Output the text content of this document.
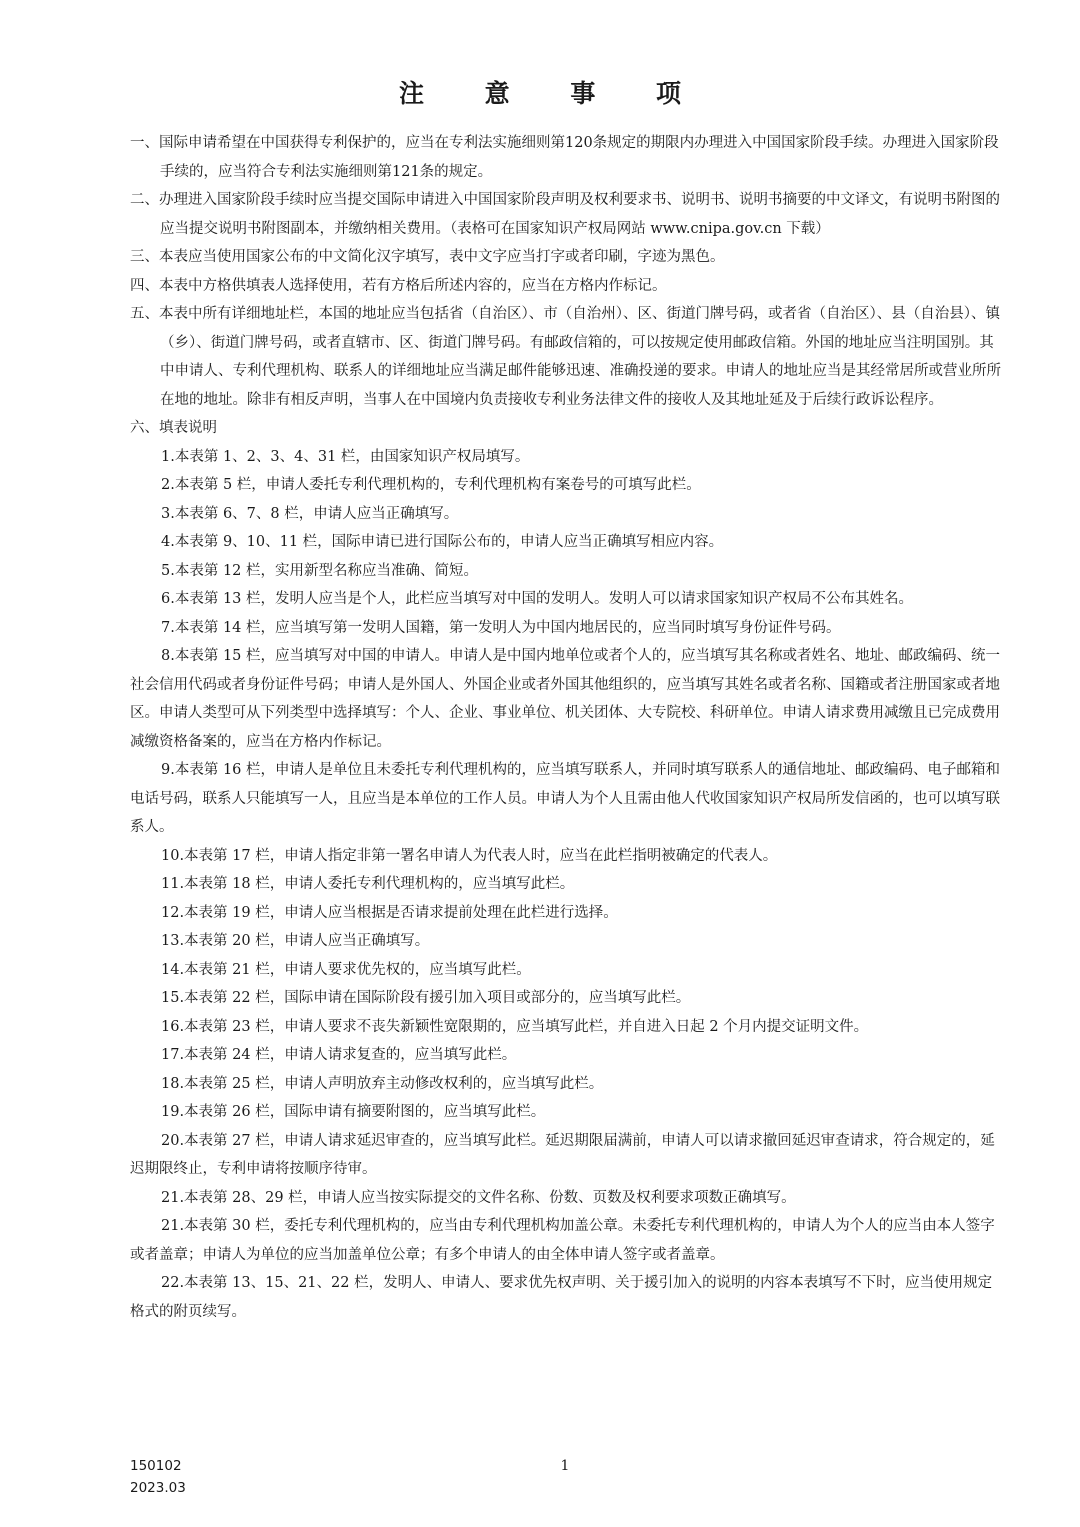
注 意 事 项

一、国际申请希望在中国获得专利保护的，应当在专利法实施细则第120条规定的期限内办理进入中国国家阶段手续。办理进入国家阶段手续的，应当符合专利法实施细则第121条的规定。

二、办理进入国家阶段手续时应当提交国际申请进入中国国家阶段声明及权利要求书、说明书、说明书摘要的中文译文，有说明书附图的应当提交说明书附图副本，并缴纳相关费用。（表格可在国家知识产权局网站 www.cnipa.gov.cn 下载）

三、本表应当使用国家公布的中文简化汉字填写，表中文字应当打字或者印刷，字迹为黑色。

四、本表中方格供填表人选择使用，若有方格后所述内容的，应当在方格内作标记。

五、本表中所有详细地址栏，本国的地址应当包括省（自治区）、市（自治州）、区、街道门牌号码，或者省（自治区）、县（自治县）、镇（乡）、街道门牌号码，或者直辖市、区、街道门牌号码。有邮政信箱的，可以按规定使用邮政信箱。外国的地址应当注明国别。其中申请人、专利代理机构、联系人的详细地址应当满足邮件能够迅速、准确投递的要求。申请人的地址应当是其经常居所或营业所所在地的地址。除非有相反声明，当事人在中国境内负责接收专利业务法律文件的接收人及其地址延及于后续行政诉讼程序。

六、填表说明

1.本表第 1、2、3、4、31 栏，由国家知识产权局填写。

2.本表第 5 栏，申请人委托专利代理机构的，专利代理机构有案卷号的可填写此栏。

3.本表第 6、7、8 栏，申请人应当正确填写。

4.本表第 9、10、11 栏，国际申请已进行国际公布的，申请人应当正确填写相应内容。

5.本表第 12 栏，实用新型名称应当准确、简短。

6.本表第 13 栏，发明人应当是个人，此栏应当填写对中国的发明人。发明人可以请求国家知识产权局不公布其姓名。

7.本表第 14 栏，应当填写第一发明人国籍，第一发明人为中国内地居民的，应当同时填写身份证件号码。

8.本表第 15 栏，应当填写对中国的申请人。申请人是中国内地单位或者个人的，应当填写其名称或者姓名、地址、邮政编码、统一社会信用代码或者身份证件号码；申请人是外国人、外国企业或者外国其他组织的，应当填写其姓名或者名称、国籍或者注册国家或者地区。申请人类型可从下列类型中选择填写：个人、企业、事业单位、机关团体、大专院校、科研单位。申请人请求费用减缴且已完成费用减缴资格备案的，应当在方格内作标记。

9.本表第 16 栏，申请人是单位且未委托专利代理机构的，应当填写联系人，并同时填写联系人的通信地址、邮政编码、电子邮箱和电话号码，联系人只能填写一人，且应当是本单位的工作人员。申请人为个人且需由他人代收国家知识产权局所发信函的，也可以填写联系人。

10.本表第 17 栏，申请人指定非第一署名申请人为代表人时，应当在此栏指明被确定的代表人。

11.本表第 18 栏，申请人委托专利代理机构的，应当填写此栏。

12.本表第 19 栏，申请人应当根据是否请求提前处理在此栏进行选择。

13.本表第 20 栏，申请人应当正确填写。

14.本表第 21 栏，申请人要求优先权的，应当填写此栏。

15.本表第 22 栏，国际申请在国际阶段有援引加入项目或部分的，应当填写此栏。

16.本表第 23 栏，申请人要求不丧失新颖性宽限期的，应当填写此栏，并自进入日起 2 个月内提交证明文件。

17.本表第 24 栏，申请人请求复查的，应当填写此栏。

18.本表第 25 栏，申请人声明放弃主动修改权利的，应当填写此栏。

19.本表第 26 栏，国际申请有摘要附图的，应当填写此栏。

20.本表第 27 栏，申请人请求延迟审查的，应当填写此栏。延迟期限届满前，申请人可以请求撤回延迟审查请求，符合规定的，延迟期限终止，专利申请将按顺序待审。

21.本表第 28、29 栏，申请人应当按实际提交的文件名称、份数、页数及权利要求项数正确填写。

21.本表第 30 栏，委托专利代理机构的，应当由专利代理机构加盖公章。未委托专利代理机构的，申请人为个人的应当由本人签字或者盖章；申请人为单位的应当加盖单位公章；有多个申请人的由全体申请人签字或者盖章。

22.本表第 13、15、21、22 栏，发明人、申请人、要求优先权声明、关于援引加入的说明的内容本表填写不下时，应当使用规定格式的附页续写。

150102
2023.03
1
